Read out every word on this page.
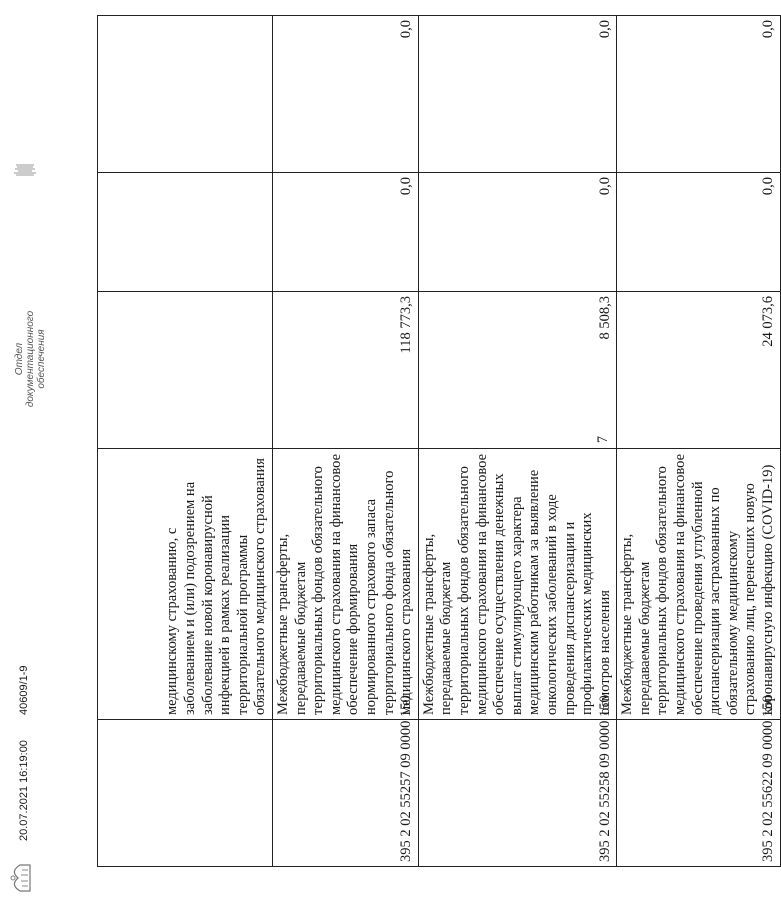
7
	медицинскому страхованию, с заболеванием и (или) подозрением на заболевание новой коронавирусной инфекцией в рамках реализации территориальной программы обязательного медицинского страхования			
395 2 02 55257 09 0000 150	Межбюджетные трансферты, передаваемые бюджетам территориальных фондов обязательного медицинского страхования на финансовое обеспечение формирования нормированного страхового запаса территориального фонда обязательного медицинского страхования	118 773,3	0,0	0,0
395 2 02 55258 09 0000 150	Межбюджетные трансферты, передаваемые бюджетам территориальных фондов обязательного медицинского страхования на финансовое обеспечение осуществления денежных выплат стимулирующего характера медицинским работникам за выявление онкологических заболеваний в ходе проведения диспансеризации и профилактических медицинских осмотров населения	8 508,3	0,0	0,0
395 2 02 55622 09 0000 150	Межбюджетные трансферты, передаваемые бюджетам территориальных фондов обязательного медицинского страхования на финансовое обеспечение проведения углубленной диспансеризации застрахованных по обязательному медицинскому страхованию лиц, перенесших новую коронавирусную инфекцию (COVID-19)	24 073,6	0,0	0,0
20.07.2021 16:19:00
40609/1-9
Отдел документационного обеспечения
